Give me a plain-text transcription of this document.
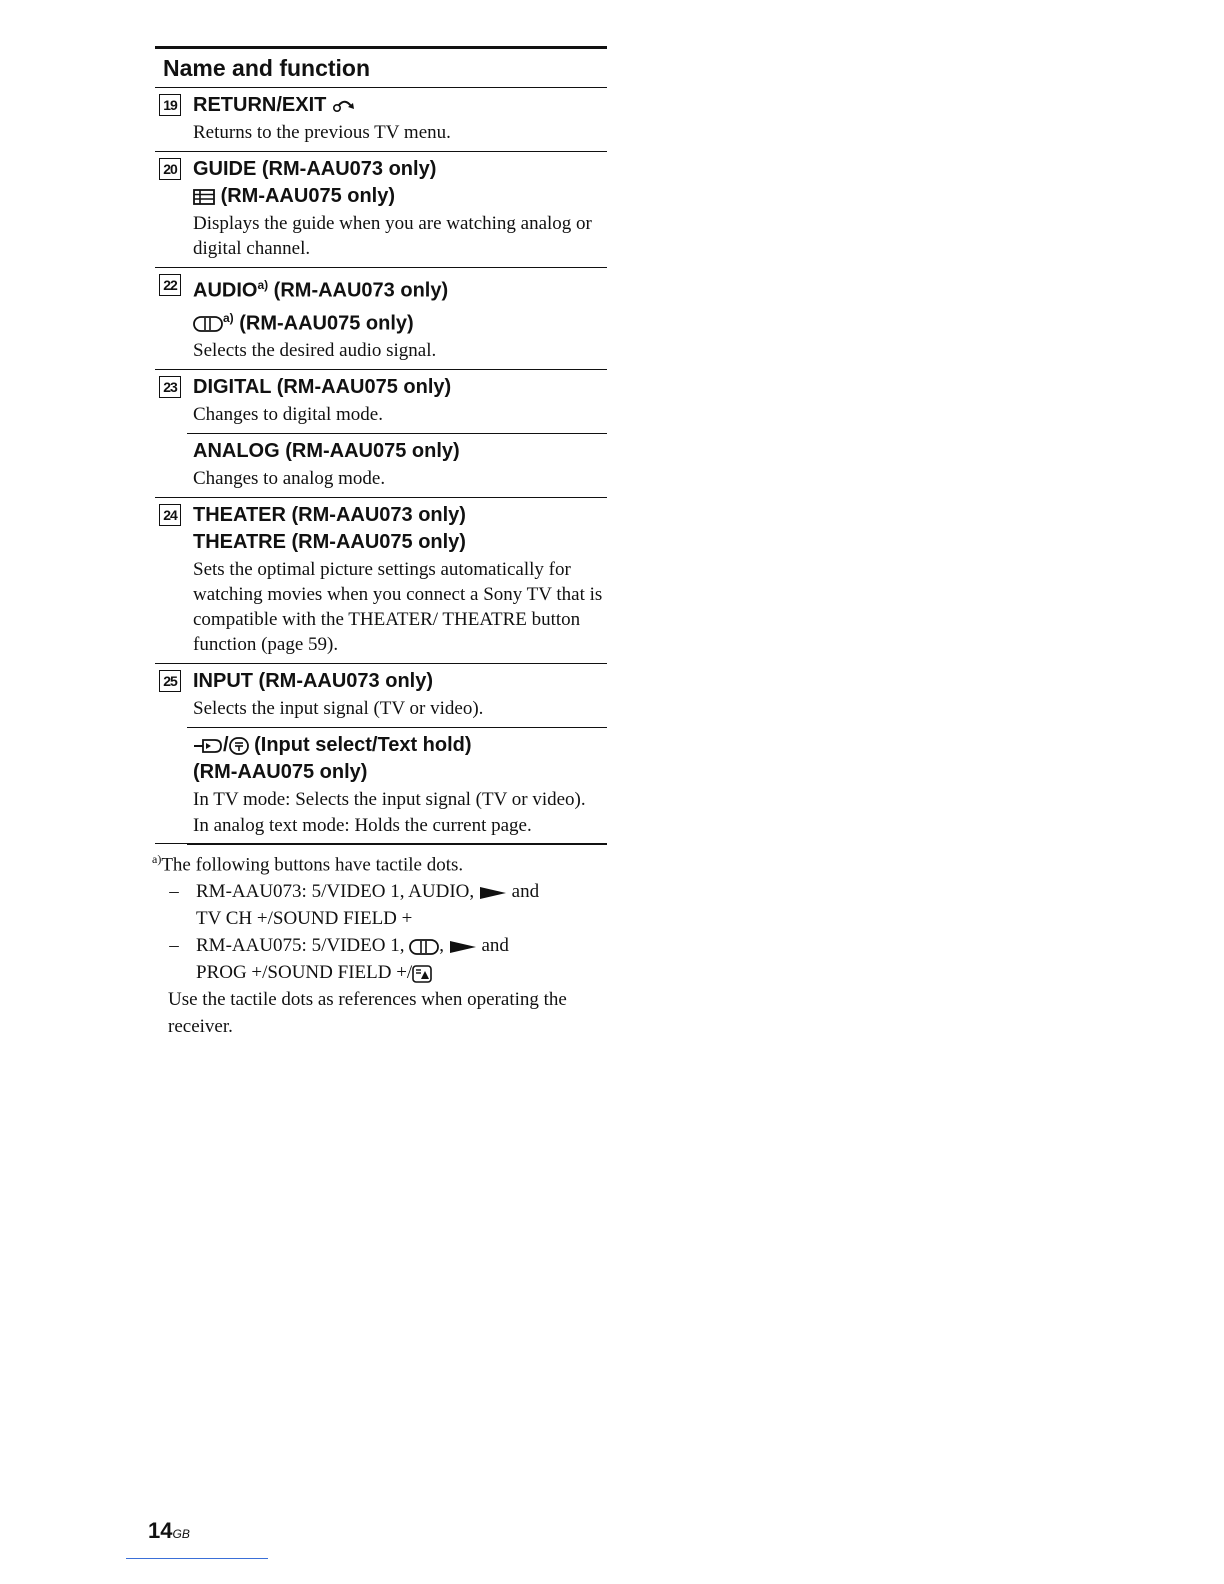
Name and function
19 RETURN/EXIT
Returns to the previous TV menu.
20 GUIDE (RM-AAU073 only)
(RM-AAU075 only)
Displays the guide when you are watching analog or digital channel.
22 AUDIO$^{a)}$ (RM-AAU073 only)
$^{a)}$ (RM-AAU075 only)
Selects the desired audio signal.
23 DIGITAL (RM-AAU075 only)
Changes to digital mode.
ANALOG (RM-AAU075 only)
Changes to analog mode.
24 THEATER (RM-AAU073 only)
THEATRE (RM-AAU075 only)
Sets the optimal picture settings automatically for watching movies when you connect a Sony TV that is compatible with the THEATER/ THEATRE button function (page 59).
25 INPUT (RM-AAU073 only)
Selects the input signal (TV or video).
/ (Input select/Text hold)
(RM-AAU075 only)
In TV mode: Selects the input signal (TV or video).
In analog text mode: Holds the current page.
$^{a)}$The following buttons have tactile dots.
– RM-AAU073: 5/VIDEO 1, AUDIO,  and
TV CH +/SOUND FIELD +
– RM-AAU075: 5/VIDEO 1, ,  and
PROG +/SOUND FIELD +/
Use the tactile dots as references when operating the receiver.
14GB
